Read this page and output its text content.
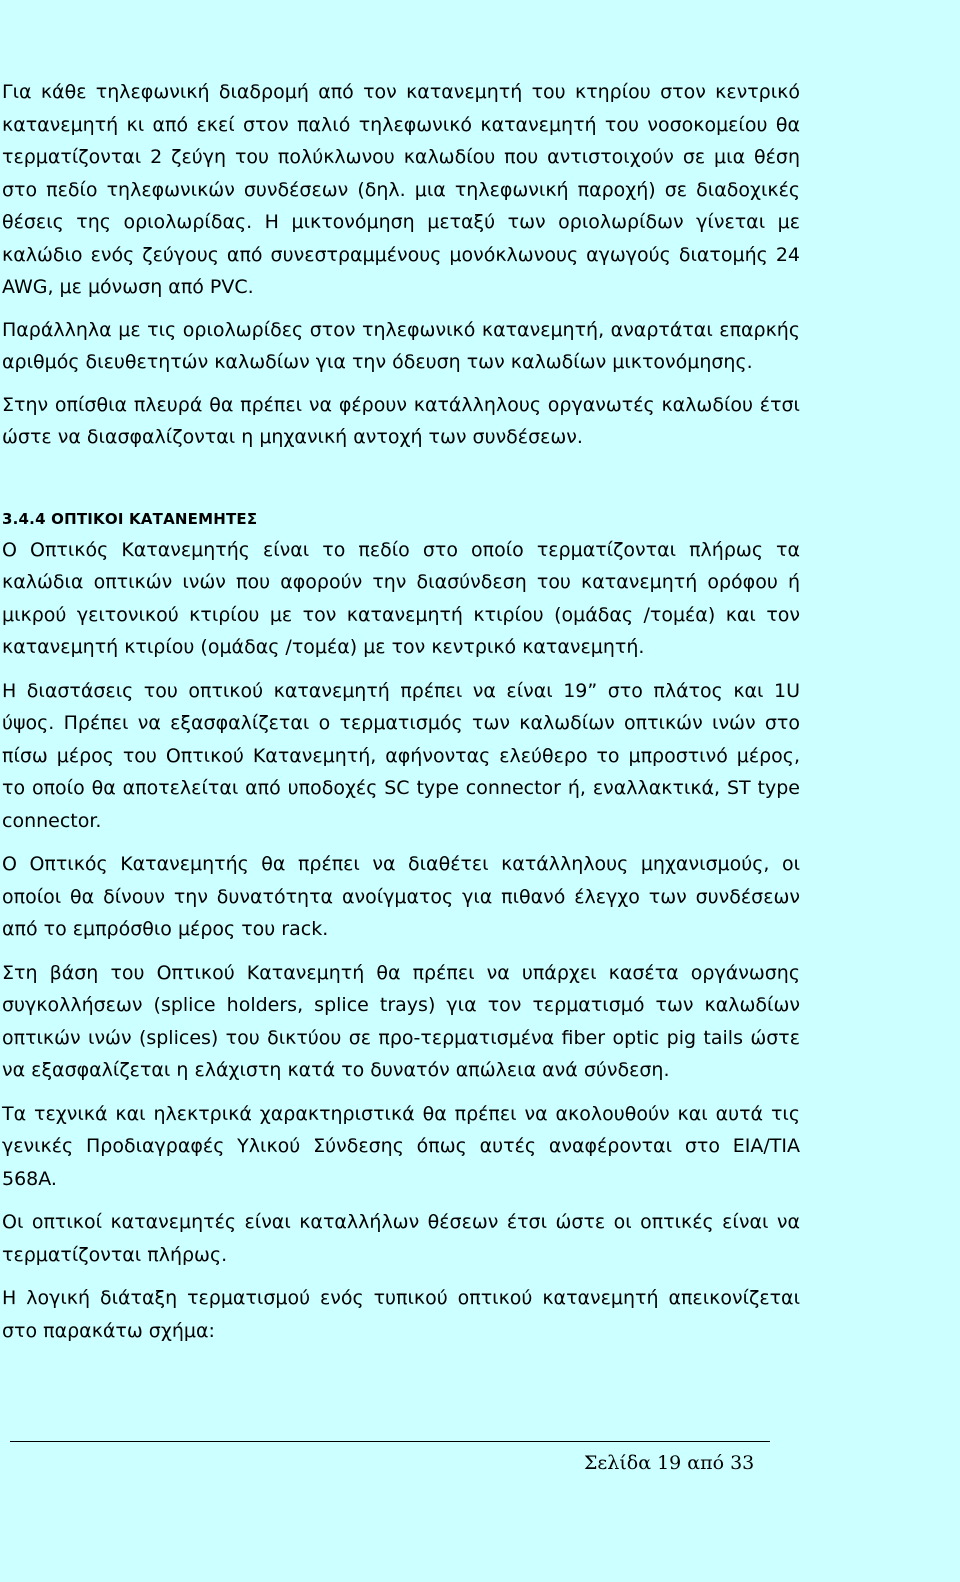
Για κάθε τηλεφωνική διαδρομή από τον κατανεμητή του κτηρίου στον κεντρικό κατανεμητή κι από εκεί στον παλιό τηλεφωνικό κατανεμητή του νοσοκομείου θα τερματίζονται 2 ζεύγη του πολύκλωνου καλωδίου που αντιστοιχούν σε μια θέση στο πεδίο τηλεφωνικών συνδέσεων (δηλ. μια τηλεφωνική παροχή) σε διαδοχικές θέσεις της οριολωρίδας. Η μικτονόμηση μεταξύ των οριολωρίδων γίνεται με καλώδιο ενός ζεύγους από συνεστραμμένους μονόκλωνους αγωγούς διατομής 24 AWG, με μόνωση από PVC.

Παράλληλα με τις οριολωρίδες στον τηλεφωνικό κατανεμητή, αναρτάται επαρκής αριθμός διευθετητών καλωδίων για την όδευση των καλωδίων μικτονόμησης.

Στην οπίσθια πλευρά θα πρέπει να φέρουν κατάλληλους οργανωτές καλωδίου έτσι ώστε να διασφαλίζονται η μηχανική αντοχή των συνδέσεων.

3.4.4 ΟΠΤΙΚΟΙ ΚΑΤΑΝΕΜΗΤΕΣ

Ο Οπτικός Κατανεμητής είναι το πεδίο στο οποίο τερματίζονται πλήρως τα καλώδια οπτικών ινών που αφορούν την διασύνδεση του κατανεμητή ορόφου ή μικρού γειτονικού κτιρίου με τον κατανεμητή κτιρίου (ομάδας /τομέα) και τον κατανεμητή κτιρίου (ομάδας /τομέα) με τον κεντρικό κατανεμητή.

Η διαστάσεις του οπτικού κατανεμητή πρέπει να είναι 19” στο πλάτος και 1U ύψος. Πρέπει να εξασφαλίζεται ο τερματισμός των καλωδίων οπτικών ινών στο πίσω μέρος του Οπτικού Κατανεμητή, αφήνοντας ελεύθερο το μπροστινό μέρος, το οποίο θα αποτελείται από υποδοχές SC type connector ή, εναλλακτικά, ST type connector.

Ο Οπτικός Κατανεμητής θα πρέπει να διαθέτει κατάλληλους μηχανισμούς, οι οποίοι θα δίνουν την δυνατότητα ανοίγματος για πιθανό έλεγχο των συνδέσεων από το εμπρόσθιο μέρος του rack.

Στη βάση του Οπτικού Κατανεμητή θα πρέπει να υπάρχει κασέτα οργάνωσης συγκολλήσεων (splice holders, splice trays) για τον τερματισμό των καλωδίων οπτικών ινών (splices) του δικτύου σε προ-τερματισμένα fiber optic pig tails ώστε να εξασφαλίζεται η ελάχιστη κατά το δυνατόν απώλεια ανά σύνδεση.

Τα τεχνικά και ηλεκτρικά χαρακτηριστικά θα πρέπει να ακολουθούν και αυτά τις γενικές Προδιαγραφές Υλικού Σύνδεσης όπως αυτές αναφέρονται στο EIA/TIA 568A.

Οι οπτικοί κατανεμητές είναι καταλλήλων θέσεων έτσι ώστε οι οπτικές είναι να τερματίζονται πλήρως.

Η λογική διάταξη τερματισμού ενός τυπικού οπτικού κατανεμητή απεικονίζεται στο παρακάτω σχήμα:

Σελίδα 19 από 33
